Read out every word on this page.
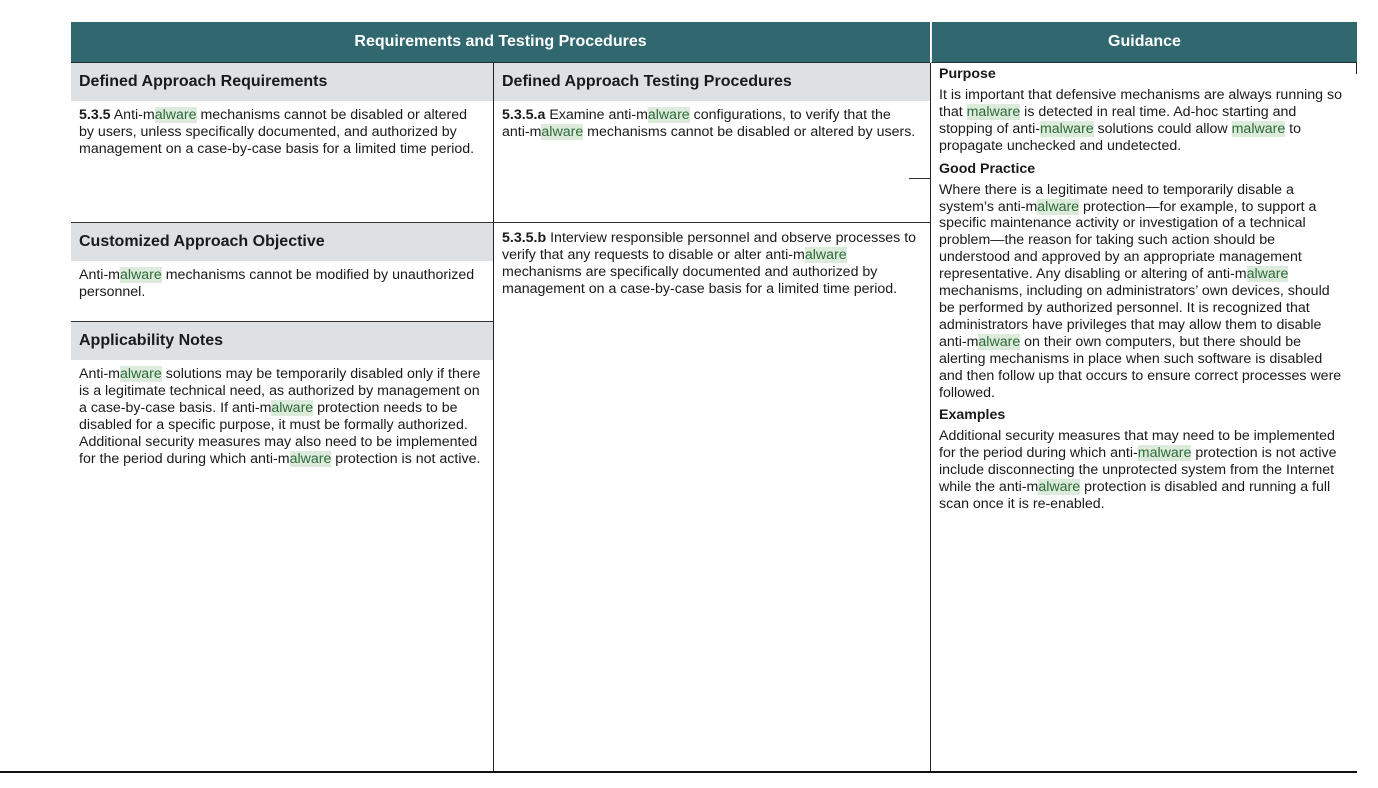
Requirements and Testing Procedures	Guidance
Defined Approach Requirements
5.3.5 Anti-malware mechanisms cannot be disabled or altered by users, unless specifically documented, and authorized by management on a case-by-case basis for a limited time period.
Customized Approach Objective
Anti-malware mechanisms cannot be modified by unauthorized personnel.
Applicability Notes
Anti-malware solutions may be temporarily disabled only if there is a legitimate technical need, as authorized by management on a case-by-case basis. If anti-malware protection needs to be disabled for a specific purpose, it must be formally authorized. Additional security measures may also need to be implemented for the period during which anti-malware protection is not active.
Defined Approach Testing Procedures
5.3.5.a Examine anti-malware configurations, to verify that the anti-malware mechanisms cannot be disabled or altered by users.
5.3.5.b Interview responsible personnel and observe processes to verify that any requests to disable or alter anti-malware mechanisms are specifically documented and authorized by management on a case-by-case basis for a limited time period.
Purpose
It is important that defensive mechanisms are always running so that malware is detected in real time. Ad-hoc starting and stopping of anti-malware solutions could allow malware to propagate unchecked and undetected.
Good Practice
Where there is a legitimate need to temporarily disable a system’s anti-malware protection—for example, to support a specific maintenance activity or investigation of a technical problem—the reason for taking such action should be understood and approved by an appropriate management representative. Any disabling or altering of anti-malware mechanisms, including on administrators’ own devices, should be performed by authorized personnel. It is recognized that administrators have privileges that may allow them to disable anti-malware on their own computers, but there should be alerting mechanisms in place when such software is disabled and then follow up that occurs to ensure correct processes were followed.
Examples
Additional security measures that may need to be implemented for the period during which anti-malware protection is not active include disconnecting the unprotected system from the Internet while the anti-malware protection is disabled and running a full scan once it is re-enabled.
